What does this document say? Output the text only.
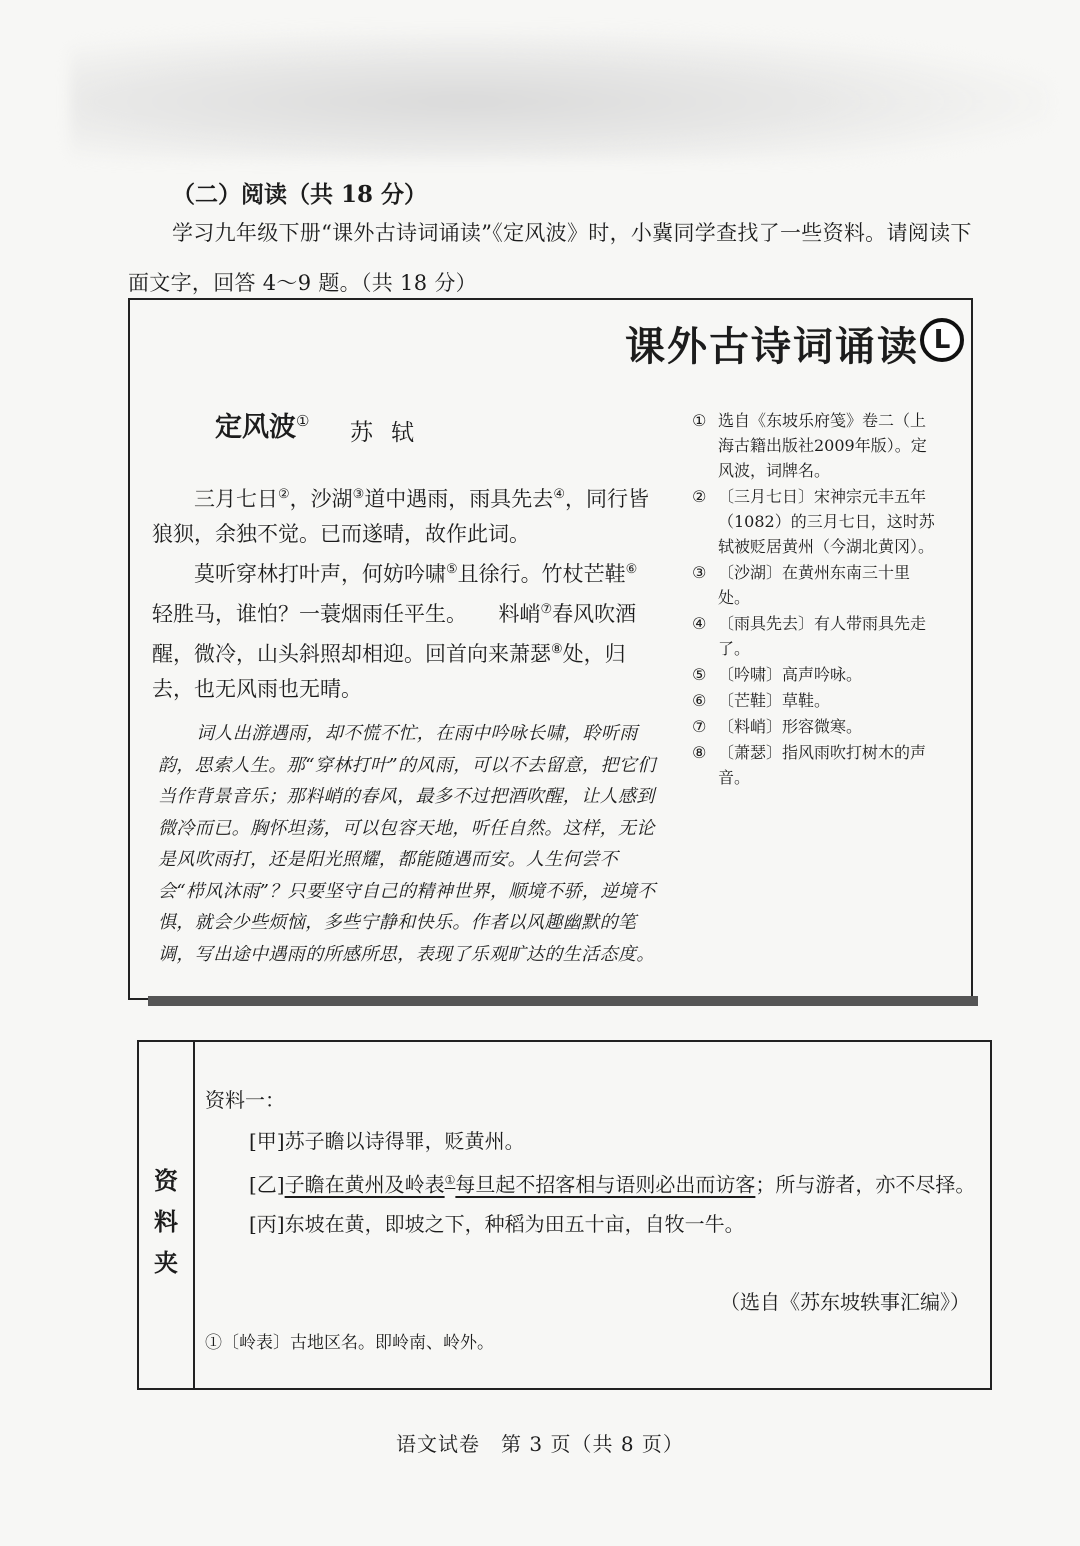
（二）阅读（共 18 分）
学习九年级下册“课外古诗词诵读”《定风波》时，小冀同学查找了一些资料。请阅读下面文字，回答 4～9 题。（共 18 分）
课外古诗词诵读 L
定风波① 苏轼

三月七日②，沙湖③道中遇雨，雨具先去④，同行皆狼狈，余独不觉。已而遂晴，故作此词。

莫听穿林打叶声，何妨吟啸⑤且徐行。竹杖芒鞋⑥轻胜马，谁怕？一蓑烟雨任平生。　　料峭⑦春风吹酒醒，微冷，山头斜照却相迎。回首向来萧瑟⑧处，归去，也无风雨也无晴。

词人出游遇雨，却不慌不忙，在雨中吟咏长啸，聆听雨韵，思索人生。那“穿林打叶”的风雨，可以不去留意，把它们当作背景音乐；那料峭的春风，最多不过把酒吹醒，让人感到微冷而已。胸怀坦荡，可以包容天地，听任自然。这样，无论是风吹雨打，还是阳光照耀，都能随遇而安。人生何尝不会“栉风沐雨”？只要坚守自己的精神世界，顺境不骄，逆境不惧，就会少些烦恼，多些宁静和快乐。作者以风趣幽默的笔调，写出途中遇雨的所感所思，表现了乐观旷达的生活态度。
① 选自《东坡乐府笺》卷二（上海古籍出版社2009年版）。定风波，词牌名。
② 〔三月七日〕宋神宗元丰五年（1082）的三月七日，这时苏轼被贬居黄州（今湖北黄冈）。
③ 〔沙湖〕在黄州东南三十里处。
④ 〔雨具先去〕有人带雨具先走了。
⑤ 〔吟啸〕高声吟咏。
⑥ 〔芒鞋〕草鞋。
⑦ 〔料峭〕形容微寒。
⑧ 〔萧瑟〕指风雨吹打树木的声音。
资
料
夹
资料一：

[甲]苏子瞻以诗得罪，贬黄州。

[乙]子瞻在黄州及岭表①每旦起不招客相与语则必出而访客；所与游者，亦不尽择。

[丙]东坡在黄，即坡之下，种稻为田五十亩，自牧一牛。

（选自《苏东坡轶事汇编》）
①〔岭表〕古地区名。即岭南、岭外。
语文试卷　第 3 页（共 8 页）
